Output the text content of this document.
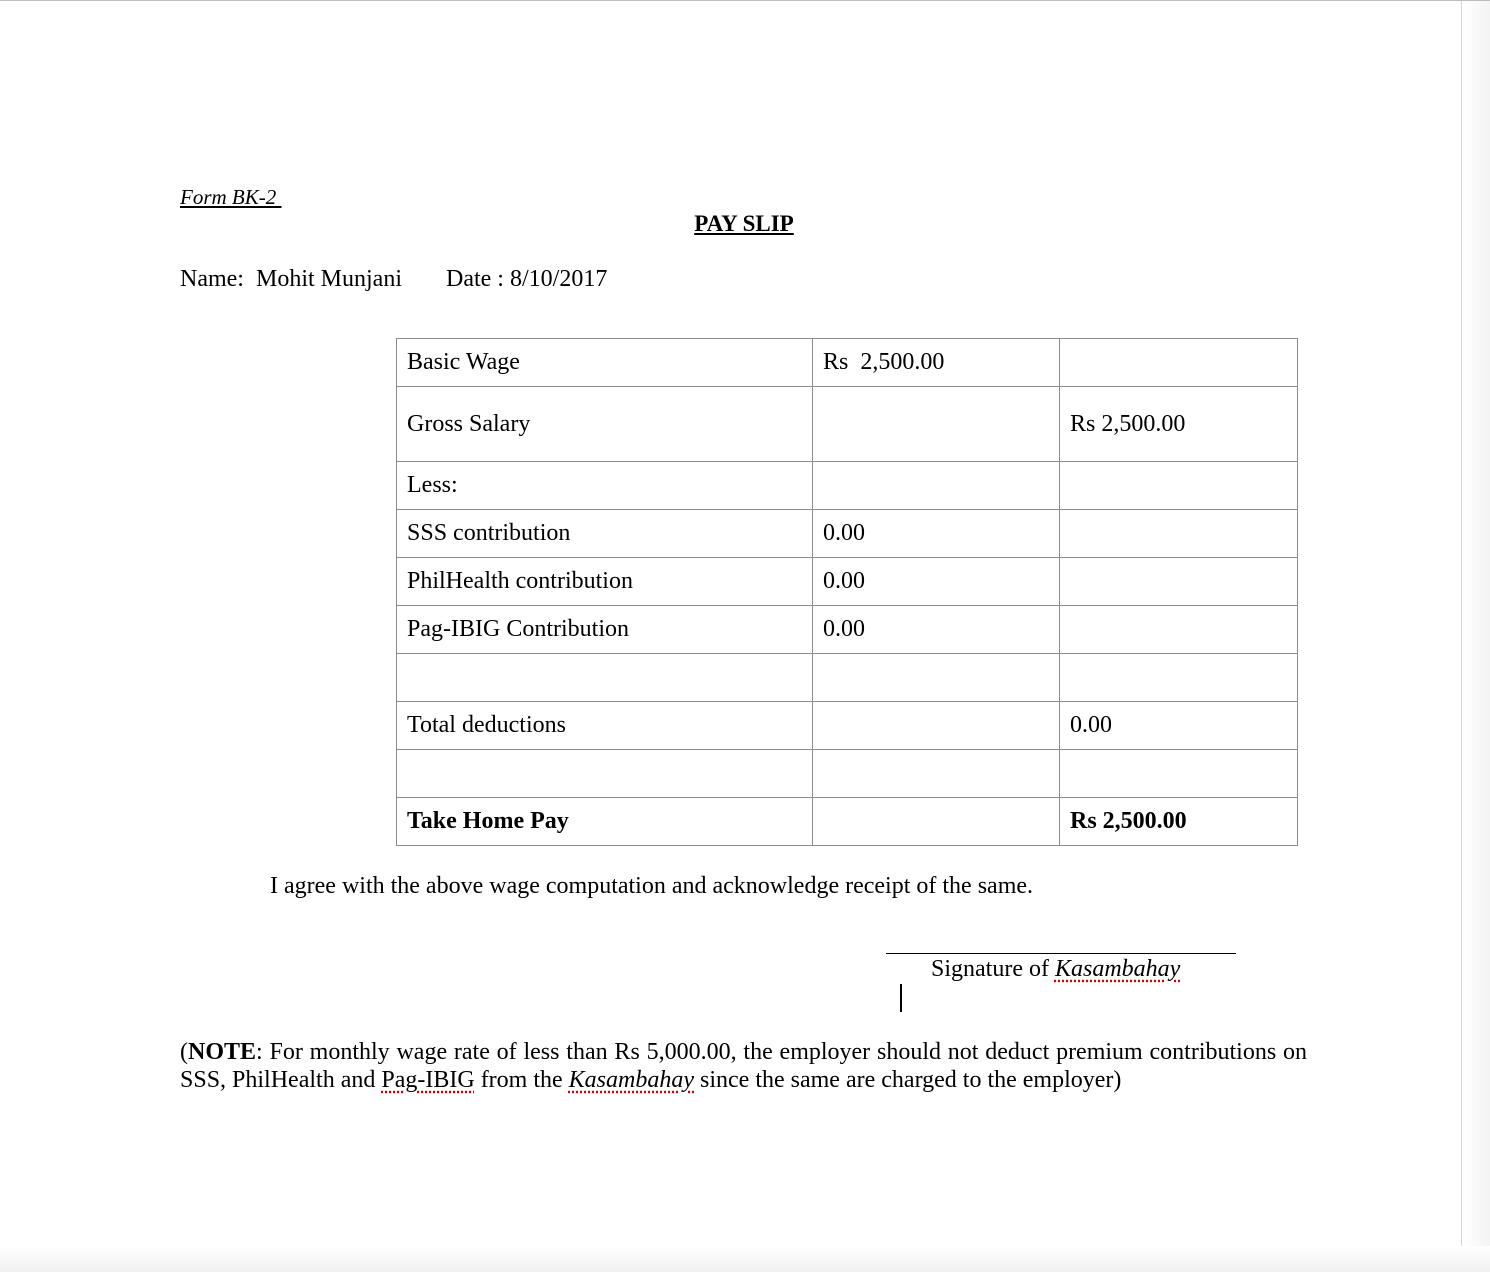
Form BK-2
PAY SLIP
Name: Mohit Munjani Date : 8/10/2017
Basic Wage	Rs  2,500.00	
Gross Salary		Rs 2,500.00
Less:		
SSS contribution	0.00	
PhilHealth contribution	0.00	
Pag-IBIG Contribution	0.00	

Total deductions		0.00

Take Home Pay		Rs 2,500.00
I agree with the above wage computation and acknowledge receipt of the same.
Signature of Kasambahay
(NOTE: For monthly wage rate of less than Rs 5,000.00, the employer should not deduct premium contributions on SSS, PhilHealth and Pag-IBIG from the Kasambahay since the same are charged to the employer)
